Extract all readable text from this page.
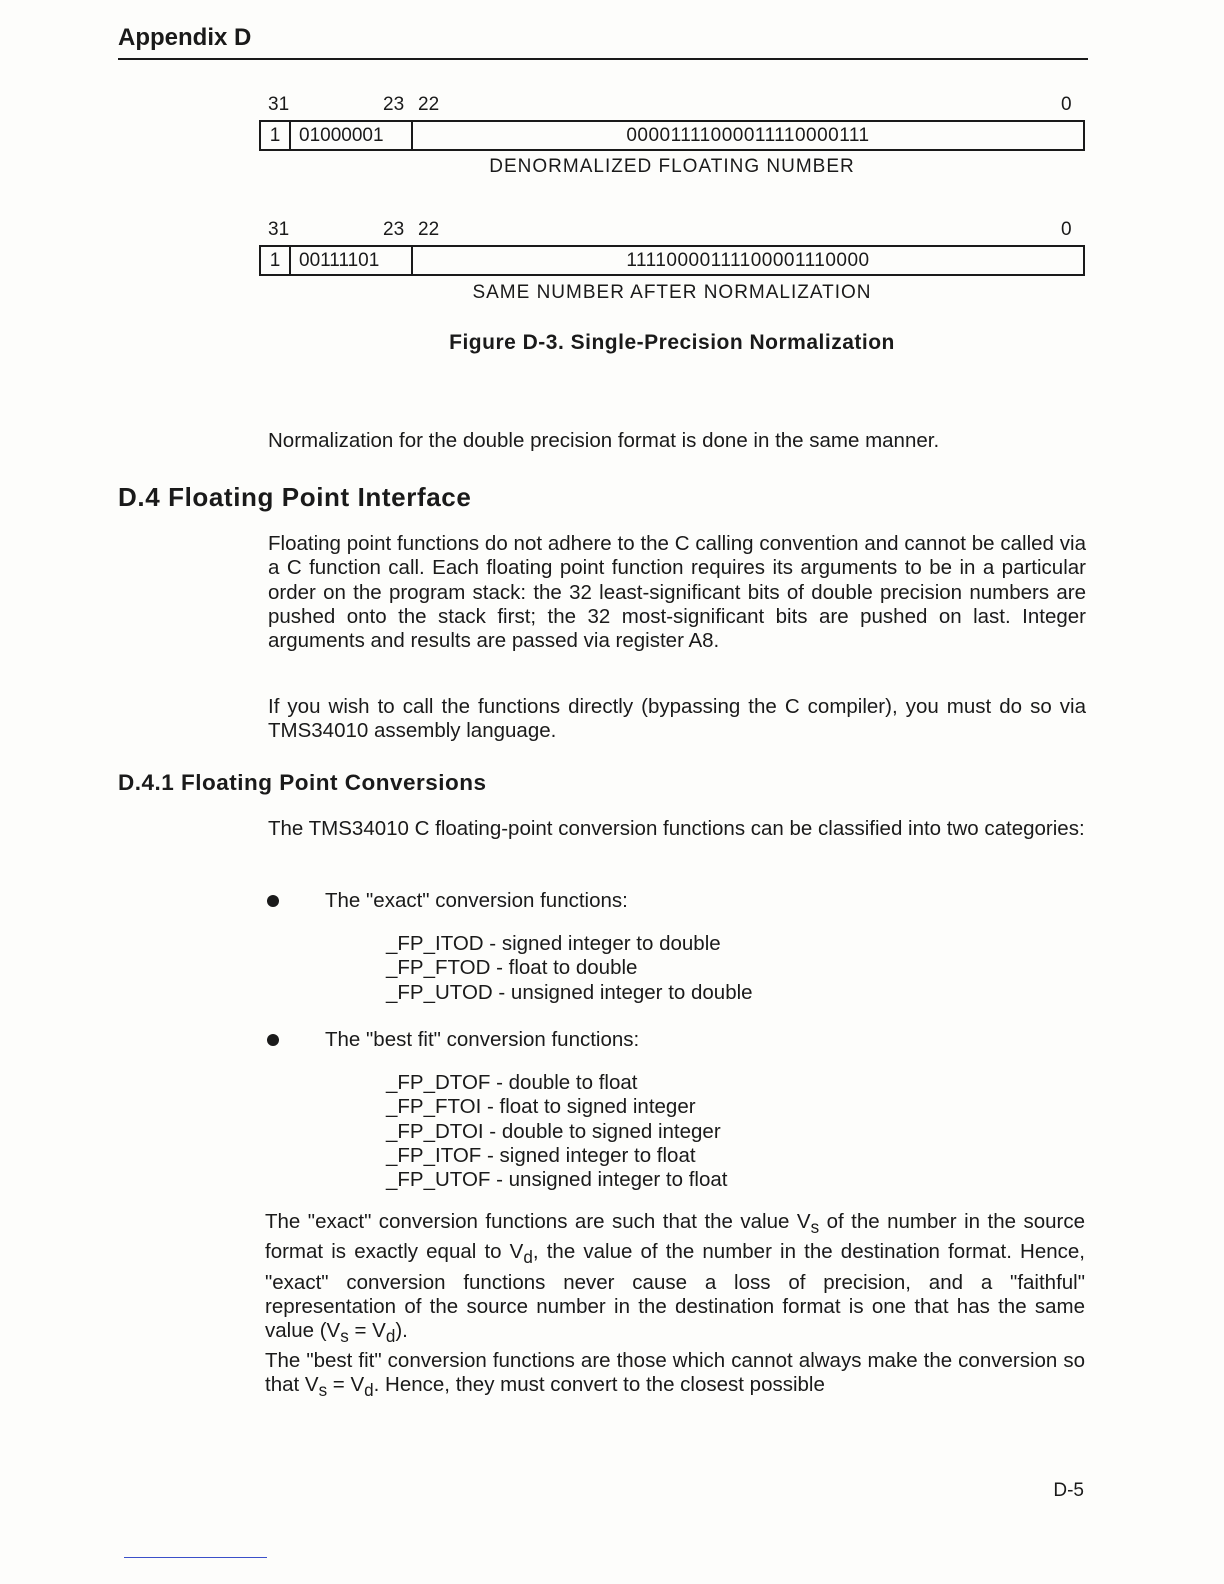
Appendix D
31	23 22	0
1 01000001	00001111000011110000111
DENORMALIZED FLOATING NUMBER
31	23 22	0
1 00111101	11110000111100001110000
SAME NUMBER AFTER NORMALIZATION
Figure D-3. Single-Precision Normalization

Normalization for the double precision format is done in the same manner.

D.4 Floating Point Interface

Floating point functions do not adhere to the C calling convention and cannot be called via a C function call. Each floating point function requires its arguments to be in a particular order on the program stack: the 32 least-significant bits of double precision numbers are pushed onto the stack first; the 32 most-significant bits are pushed on last. Integer arguments and results are passed via register A8.

If you wish to call the functions directly (bypassing the C compiler), you must do so via TMS34010 assembly language.

D.4.1 Floating Point Conversions

The TMS34010 C floating-point conversion functions can be classified into two categories:

The "exact" conversion functions:
_FP_ITOD - signed integer to double
_FP_FTOD - float to double
_FP_UTOD - unsigned integer to double
The "best fit" conversion functions:
_FP_DTOF - double to float
_FP_FTOI - float to signed integer
_FP_DTOI - double to signed integer
_FP_ITOF - signed integer to float
_FP_UTOF - unsigned integer to float

The "exact" conversion functions are such that the value $V_s$ of the number in the source format is exactly equal to $V_d$, the value of the number in the destination format. Hence, "exact" conversion functions never cause a loss of precision, and a "faithful" representation of the source number in the destination format is one that has the same value $(V_s = V_d)$.

The "best fit" conversion functions are those which cannot always make the conversion so that $V_s = V_d$. Hence, they must convert to the closest possible

D-5
